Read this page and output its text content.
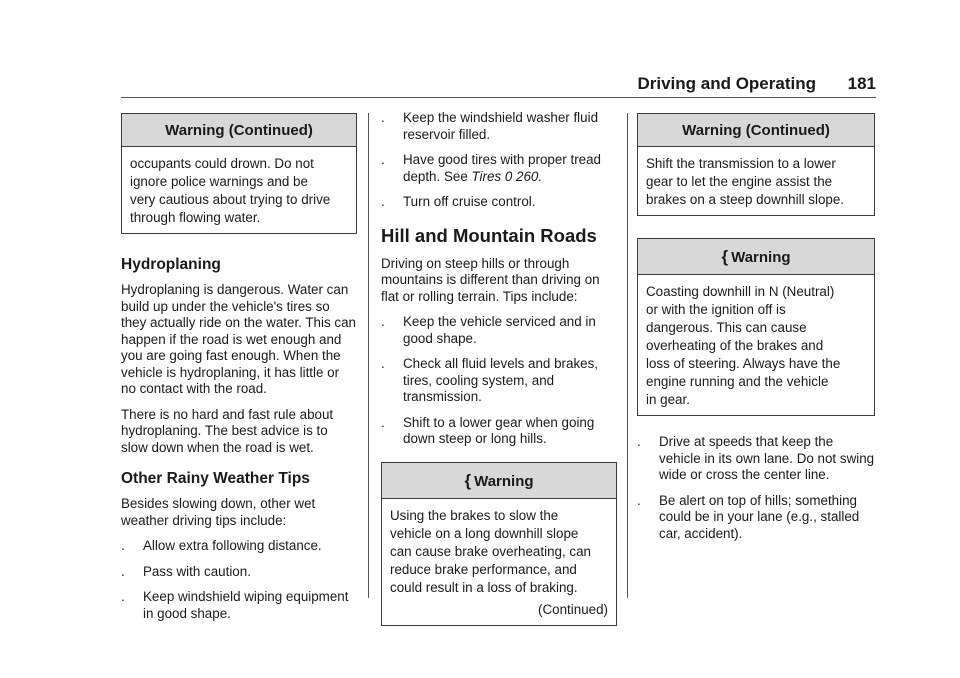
Driving and Operating 181
Warning (Continued)
occupants could drown. Do not
ignore police warnings and be
very cautious about trying to drive
through flowing water.
Hydroplaning
Hydroplaning is dangerous. Water can build up under the vehicle's tires so they actually ride on the water. This can happen if the road is wet enough and you are going fast enough. When the vehicle is hydroplaning, it has little or no contact with the road.
There is no hard and fast rule about hydroplaning. The best advice is to slow down when the road is wet.
Other Rainy Weather Tips
Besides slowing down, other wet weather driving tips include:
.	Allow extra following distance.
.	Pass with caution.
.	Keep windshield wiping equipment in good shape.
.	Keep the windshield washer fluid reservoir filled.
.	Have good tires with proper tread depth. See Tires 0 260.
.	Turn off cruise control.
Hill and Mountain Roads
Driving on steep hills or through mountains is different than driving on flat or rolling terrain. Tips include:
.	Keep the vehicle serviced and in good shape.
.	Check all fluid levels and brakes, tires, cooling system, and transmission.
.	Shift to a lower gear when going down steep or long hills.
{ Warning
Using the brakes to slow the
vehicle on a long downhill slope
can cause brake overheating, can
reduce brake performance, and
could result in a loss of braking.
(Continued)
Warning (Continued)
Shift the transmission to a lower
gear to let the engine assist the
brakes on a steep downhill slope.
{ Warning
Coasting downhill in N (Neutral)
or with the ignition off is
dangerous. This can cause
overheating of the brakes and
loss of steering. Always have the
engine running and the vehicle
in gear.
.	Drive at speeds that keep the vehicle in its own lane. Do not swing wide or cross the center line.
.	Be alert on top of hills; something could be in your lane (e.g., stalled car, accident).
